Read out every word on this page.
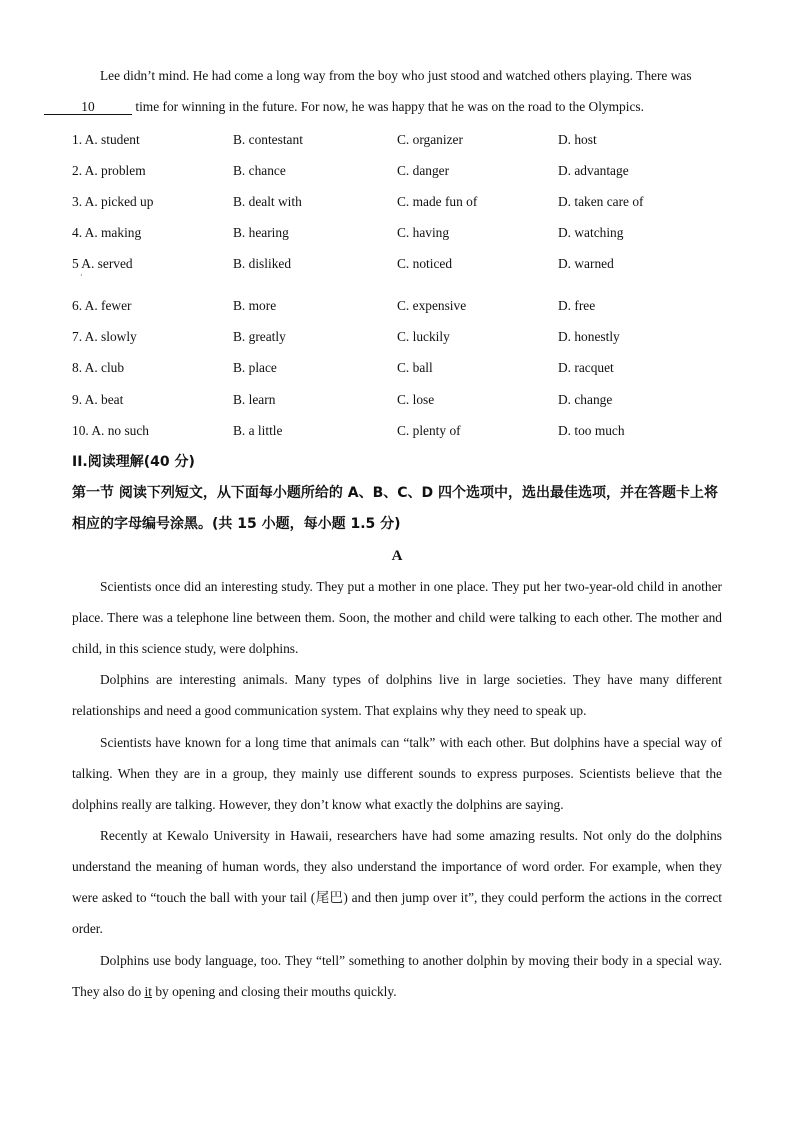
Lee didn’t mind. He had come a long way from the boy who just stood and watched others playing. There was
10	time for winning in the future. For now, he was happy that he was on the road to the Olympics.

1. A. student	B. contestant	C. organizer	D. host
2. A. problem	B. chance	C. danger	D. advantage
3. A. picked up	B. dealt with	C. made fun of	D. taken care of
4. A. making	B. hearing	C. having	D. watching
5 A. served	B. disliked	C. noticed	D. warned
·
6. A. fewer	B. more	C. expensive	D. free
7. A. slowly	B. greatly	C. luckily	D. honestly
8. A. club	B. place	C. ball	D. racquet
9. A. beat	B. learn	C. lose	D. change
10. A. no such	B. a little	C. plenty of	D. too much

II.阅读理解(40 分)

第一节 阅读下列短文，从下面每小题所给的 A、B、C、D 四个选项中，选出最佳选项，并在答题卡上将相应的字母编号涂黑。(共 15 小题，每小题 1.5 分)

A

Scientists once did an interesting study. They put a mother in one place. They put her two-year-old child in another place. There was a telephone line between them. Soon, the mother and child were talking to each other. The mother and child, in this science study, were dolphins.

Dolphins are interesting animals. Many types of dolphins live in large societies. They have many different relationships and need a good communication system. That explains why they need to speak up.

Scientists have known for a long time that animals can “talk” with each other. But dolphins have a special way of talking. When they are in a group, they mainly use different sounds to express purposes. Scientists believe that the dolphins really are talking. However, they don’t know what exactly the dolphins are saying.

Recently at Kewalo University in Hawaii, researchers have had some amazing results. Not only do the dolphins understand the meaning of human words, they also understand the importance of word order. For example, when they were asked to “touch the ball with your tail (尾巴) and then jump over it”, they could perform the actions in the correct order.

Dolphins use body language, too. They “tell” something to another dolphin by moving their body in a special way. They also do it by opening and closing their mouths quickly.
